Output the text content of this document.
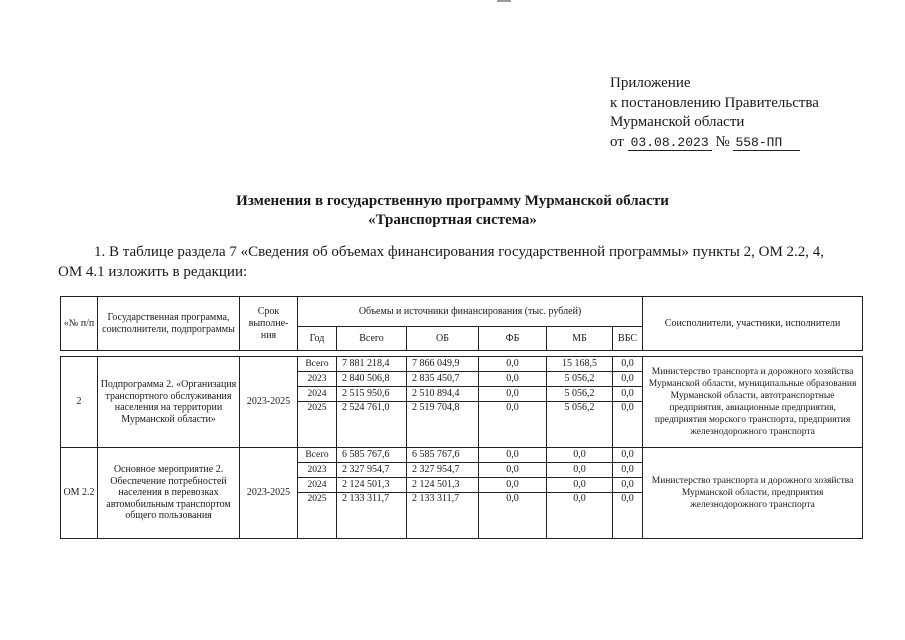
Приложение
к постановлению Правительства
Мурманской области
от 03.08.2023 № 558-ПП
Изменения в государственную программу Мурманской области
«Транспортная система»
1. В таблице раздела 7 «Сведения об объемах финансирования государственной программы» пункты 2, ОМ 2.2, 4, ОМ 4.1 изложить в редакции:
«№ п/п	Государственная программа, соисполнители, подпрограммы	Срок выполне-ния	Объемы и источники финансирования (тыс. рублей)						Соисполнители, участники, исполнители
			Год	Всего	ОБ	ФБ	МБ	ВБС	

2	Подпрограмма 2. «Организация транспортного обслуживания населения на территории Мурманской области»	2023-2025	Всего	7 881 218,4	7 866 049,9	0,0	15 168,5	0,0	Министерство транспорта и дорожного хозяйства Мурманской области, муниципальные образования Мурманской области, автотранспортные предприятия, авиационные предприятия, предприятия морского транспорта, предприятия железнодорожного транспорта
			2023	2 840 506,8	2 835 450,7	0,0	5 056,2	0,0	
			2024	2 515 950,6	2 510 894,4	0,0	5 056,2	0,0	
			2025	2 524 761,0	2 519 704,8	0,0	5 056,2	0,0	
ОМ 2.2	Основное мероприятие 2. Обеспечение потребностей населения в перевозках автомобильным транспортом общего пользования	2023-2025	Всего	6 585 767,6	6 585 767,6	0,0	0,0	0,0	Министерство транспорта и дорожного хозяйства Мурманской области, предприятия железнодорожного транспорта
			2023	2 327 954,7	2 327 954,7	0,0	0,0	0,0	
			2024	2 124 501,3	2 124 501,3	0,0	0,0	0,0	
			2025	2 133 311,7	2 133 311,7	0,0	0,0	0,0	
